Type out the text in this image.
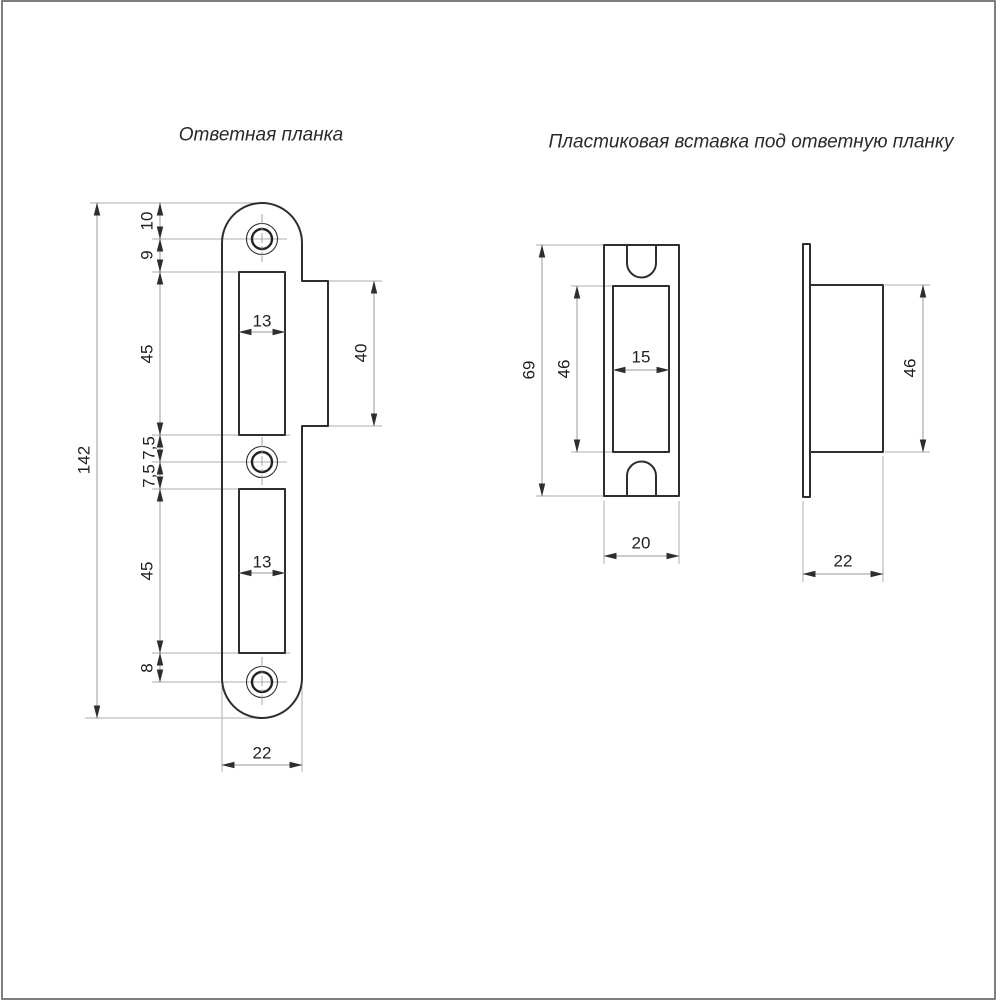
Ответная планка	Пластиковая вставка под ответную планку
142
10
9
45
7,5
7,5
45
8
13
13
40
22
69 46
15
20
46
22
